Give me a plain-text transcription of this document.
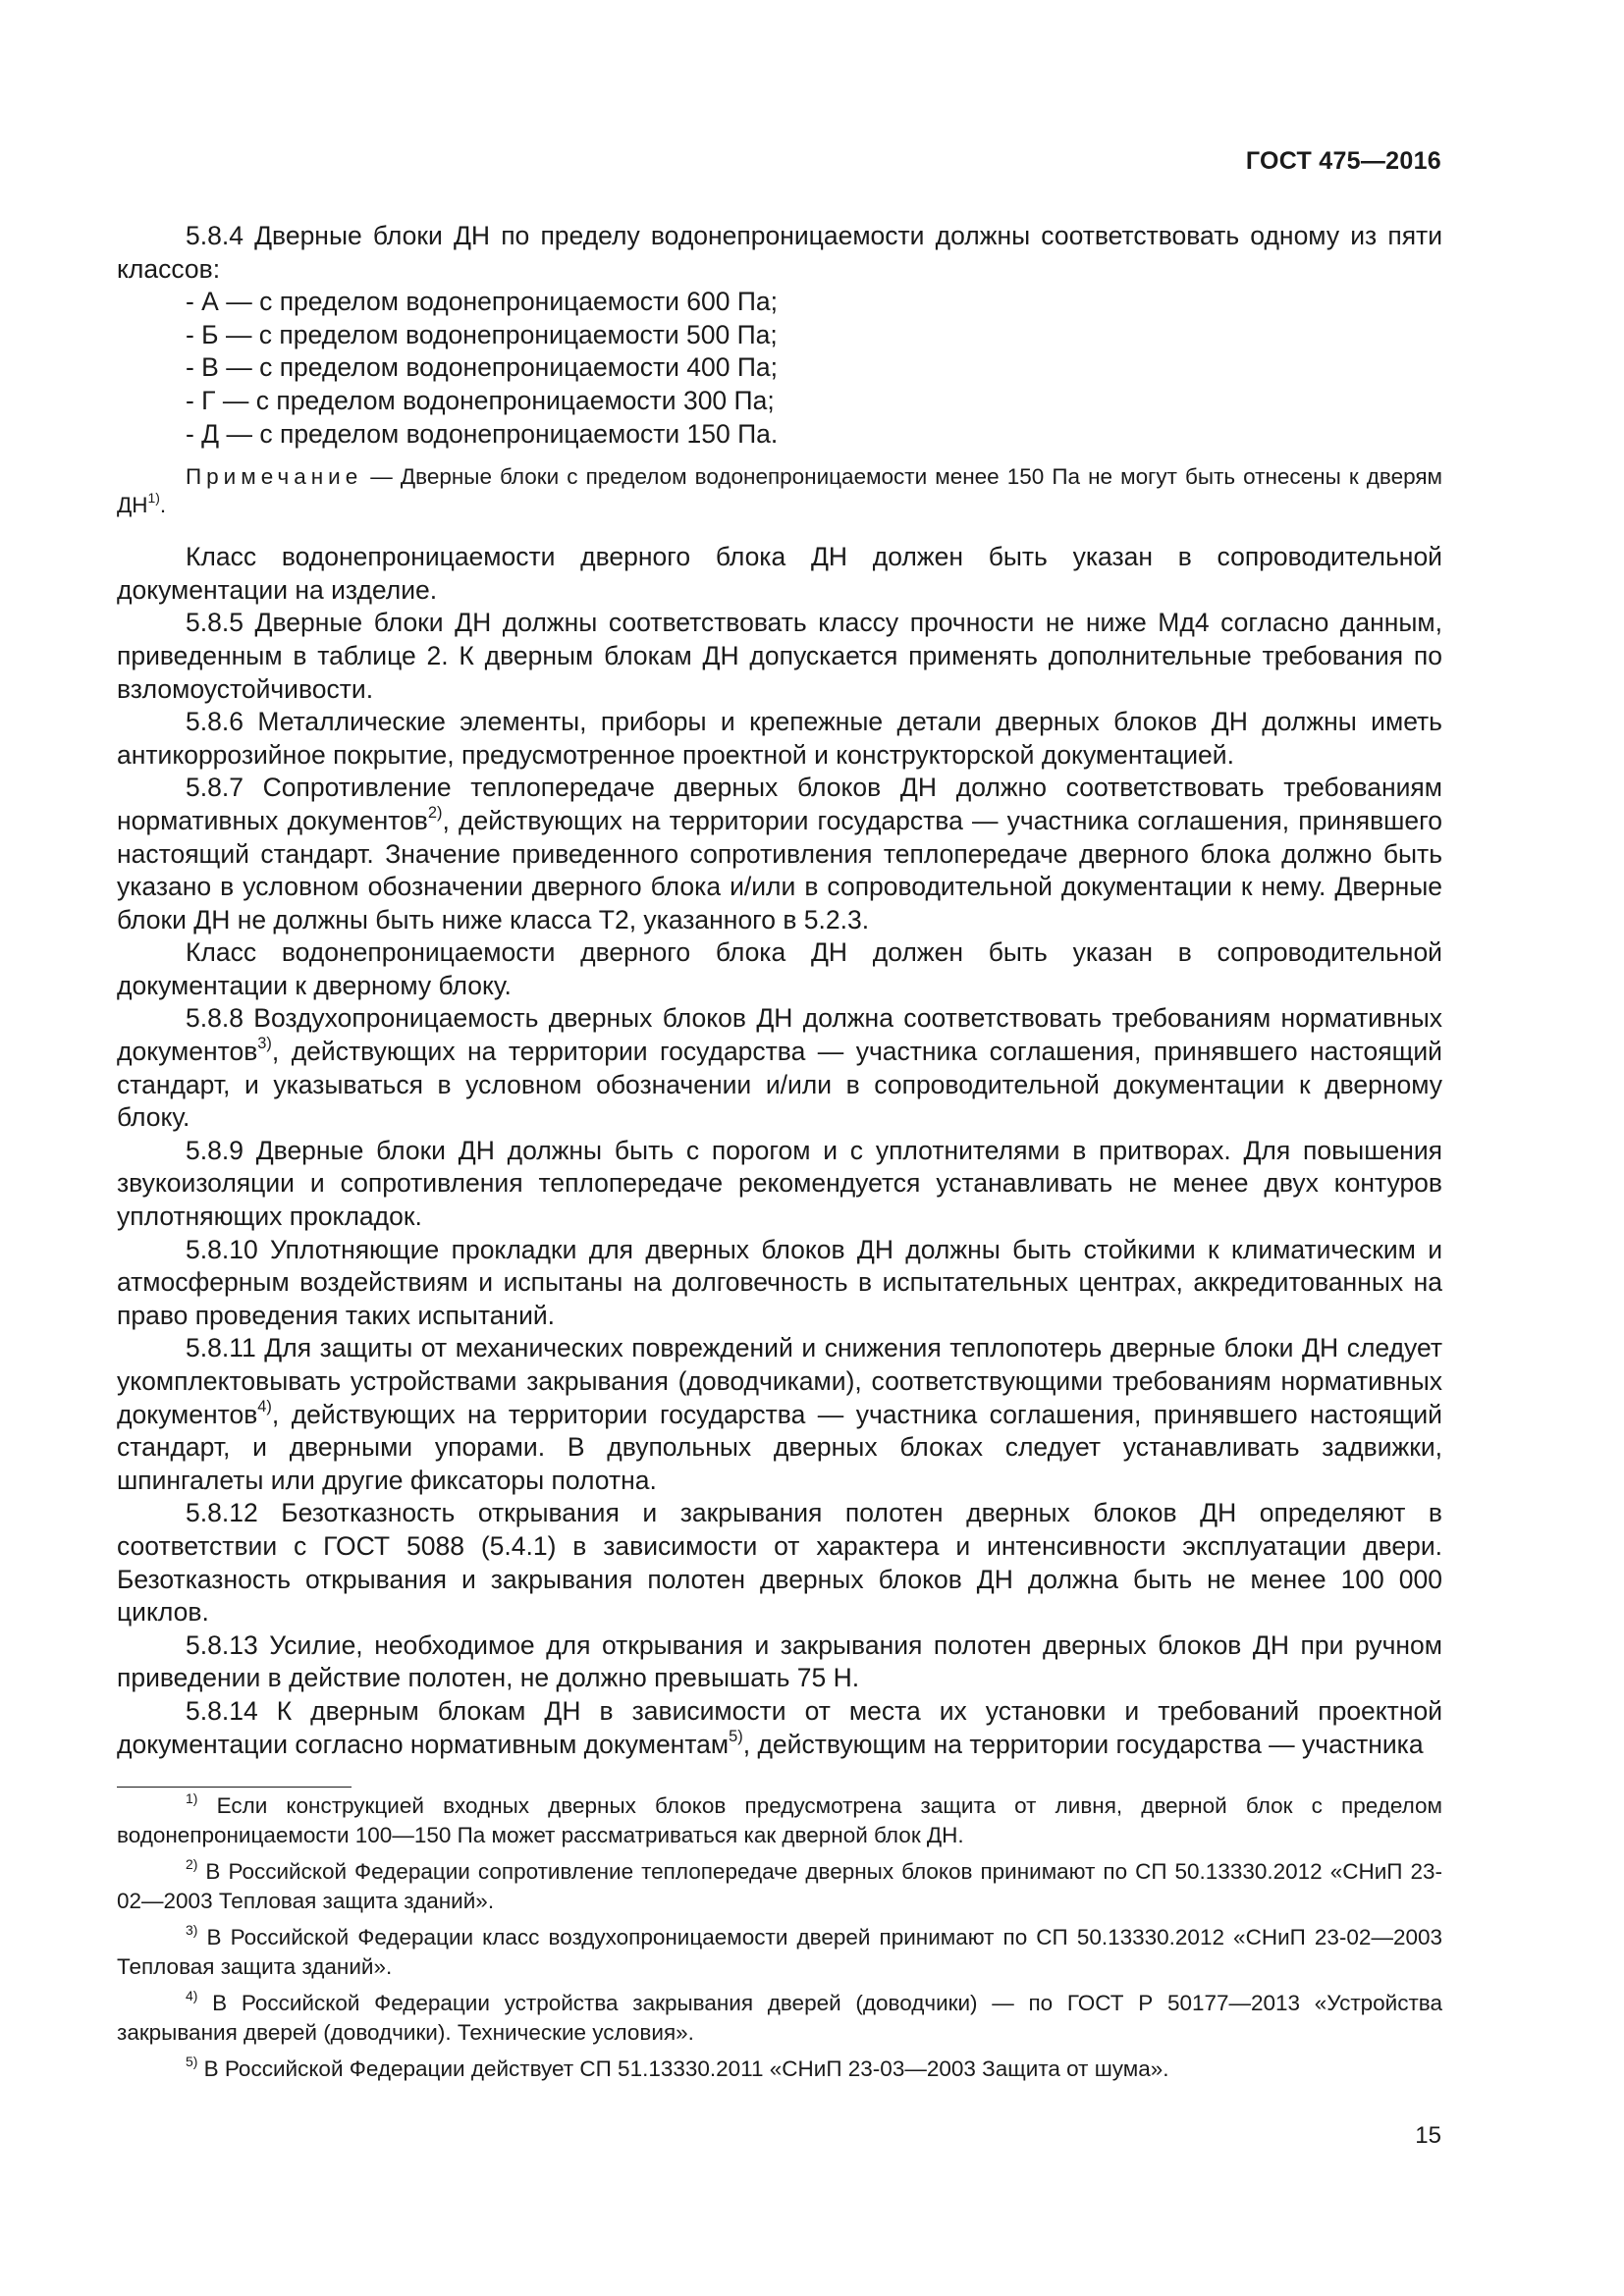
ГОСТ 475—2016

5.8.4 Дверные блоки ДН по пределу водонепроницаемости должны соответствовать одному из пяти классов:

- А — с пределом водонепроницаемости 600 Па;

- Б — с пределом водонепроницаемости 500 Па;

- В — с пределом водонепроницаемости 400 Па;

- Г — с пределом водонепроницаемости 300 Па;

- Д — с пределом водонепроницаемости 150 Па.

Примечание — Дверные блоки с пределом водонепроницаемости менее 150 Па не могут быть отнесены к дверям ДН$^{1)}$.

Класс водонепроницаемости дверного блока ДН должен быть указан в сопроводительной документации на изделие.

5.8.5 Дверные блоки ДН должны соответствовать классу прочности не ниже Мд4 согласно данным, приведенным в таблице 2. К дверным блокам ДН допускается применять дополнительные требования по взломоустойчивости.

5.8.6 Металлические элементы, приборы и крепежные детали дверных блоков ДН должны иметь антикоррозийное покрытие, предусмотренное проектной и конструкторской документацией.

5.8.7 Сопротивление теплопередаче дверных блоков ДН должно соответствовать требованиям нормативных документов$^{2)}$, действующих на территории государства — участника соглашения, принявшего настоящий стандарт. Значение приведенного сопротивления теплопередаче дверного блока должно быть указано в условном обозначении дверного блока и/или в сопроводительной документации к нему. Дверные блоки ДН не должны быть ниже класса Т2, указанного в 5.2.3.

Класс водонепроницаемости дверного блока ДН должен быть указан в сопроводительной документации к дверному блоку.

5.8.8 Воздухопроницаемость дверных блоков ДН должна соответствовать требованиям нормативных документов$^{3)}$, действующих на территории государства — участника соглашения, принявшего настоящий стандарт, и указываться в условном обозначении и/или в сопроводительной документации к дверному блоку.

5.8.9 Дверные блоки ДН должны быть с порогом и с уплотнителями в притворах. Для повышения звукоизоляции и сопротивления теплопередаче рекомендуется устанавливать не менее двух контуров уплотняющих прокладок.

5.8.10 Уплотняющие прокладки для дверных блоков ДН должны быть стойкими к климатическим и атмосферным воздействиям и испытаны на долговечность в испытательных центрах, аккредитованных на право проведения таких испытаний.

5.8.11 Для защиты от механических повреждений и снижения теплопотерь дверные блоки ДН следует укомплектовывать устройствами закрывания (доводчиками), соответствующими требованиям нормативных документов$^{4)}$, действующих на территории государства — участника соглашения, принявшего настоящий стандарт, и дверными упорами. В двупольных дверных блоках следует устанавливать задвижки, шпингалеты или другие фиксаторы полотна.

5.8.12 Безотказность открывания и закрывания полотен дверных блоков ДН определяют в соответствии с ГОСТ 5088 (5.4.1) в зависимости от характера и интенсивности эксплуатации двери. Безотказность открывания и закрывания полотен дверных блоков ДН должна быть не менее 100 000 циклов.

5.8.13 Усилие, необходимое для открывания и закрывания полотен дверных блоков ДН при ручном приведении в действие полотен, не должно превышать 75 Н.

5.8.14 К дверным блокам ДН в зависимости от места их установки и требований проектной документации согласно нормативным документам$^{5)}$, действующим на территории государства — участника

$^{1)}$ Если конструкцией входных дверных блоков предусмотрена защита от ливня, дверной блок с пределом водонепроницаемости 100—150 Па может рассматриваться как дверной блок ДН.

$^{2)}$ В Российской Федерации сопротивление теплопередаче дверных блоков принимают по СП 50.13330.2012 «СНиП 23-02—2003 Тепловая защита зданий».

$^{3)}$ В Российской Федерации класс воздухопроницаемости дверей принимают по СП 50.13330.2012 «СНиП 23-02—2003 Тепловая защита зданий».

$^{4)}$ В Российской Федерации устройства закрывания дверей (доводчики) — по ГОСТ Р 50177—2013 «Устройства закрывания дверей (доводчики). Технические условия».

$^{5)}$ В Российской Федерации действует СП 51.13330.2011 «СНиП 23-03—2003 Защита от шума».

15
